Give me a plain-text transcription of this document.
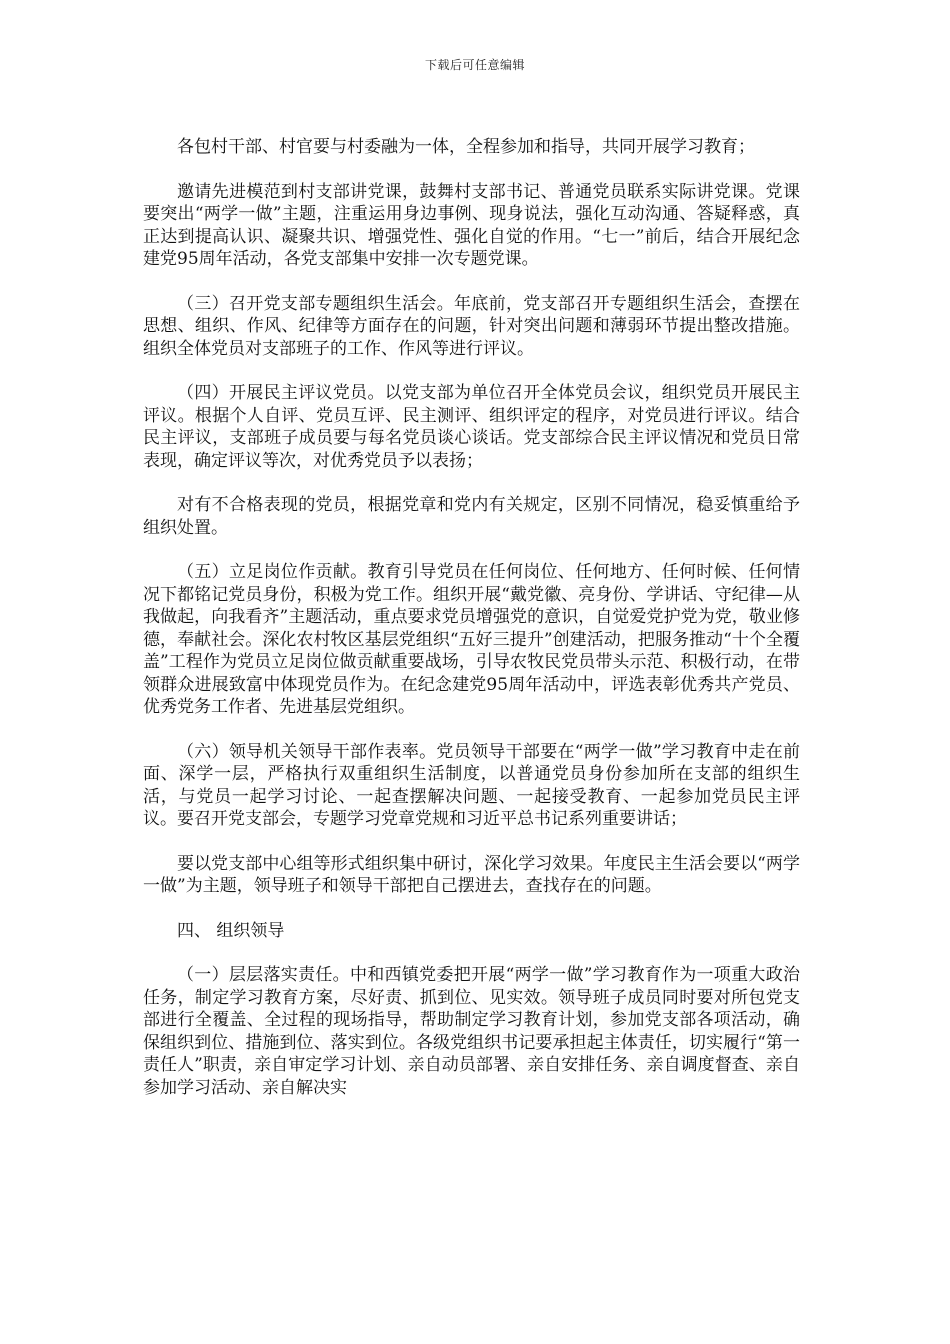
下载后可任意编辑

各包村干部、村官要与村委融为一体，全程参加和指导，共同开展学习教育；

邀请先进模范到村支部讲党课，鼓舞村支部书记、普通党员联系实际讲党课。党课要突出“两学一做”主题，注重运用身边事例、现身说法，强化互动沟通、答疑释惑，真正达到提高认识、凝聚共识、增强党性、强化自觉的作用。“七一”前后，结合开展纪念建党95周年活动，各党支部集中安排一次专题党课。

（三）召开党支部专题组织生活会。年底前，党支部召开专题组织生活会，查摆在思想、组织、作风、纪律等方面存在的问题，针对突出问题和薄弱环节提出整改措施。组织全体党员对支部班子的工作、作风等进行评议。

（四）开展民主评议党员。以党支部为单位召开全体党员会议，组织党员开展民主评议。根据个人自评、党员互评、民主测评、组织评定的程序，对党员进行评议。结合民主评议，支部班子成员要与每名党员谈心谈话。党支部综合民主评议情况和党员日常表现，确定评议等次，对优秀党员予以表扬；

对有不合格表现的党员，根据党章和党内有关规定，区别不同情况，稳妥慎重给予组织处置。

（五）立足岗位作贡献。教育引导党员在任何岗位、任何地方、任何时候、任何情况下都铭记党员身份，积极为党工作。组织开展“戴党徽、亮身份、学讲话、守纪律—从我做起，向我看齐”主题活动，重点要求党员增强党的意识，自觉爱党护党为党，敬业修德，奉献社会。深化农村牧区基层党组织“五好三提升”创建活动，把服务推动“十个全覆盖”工程作为党员立足岗位做贡献重要战场，引导农牧民党员带头示范、积极行动，在带领群众进展致富中体现党员作为。在纪念建党95周年活动中，评选表彰优秀共产党员、优秀党务工作者、先进基层党组织。

（六）领导机关领导干部作表率。党员领导干部要在“两学一做”学习教育中走在前面、深学一层，严格执行双重组织生活制度，以普通党员身份参加所在支部的组织生活，与党员一起学习讨论、一起查摆解决问题、一起接受教育、一起参加党员民主评议。要召开党支部会，专题学习党章党规和习近平总书记系列重要讲话；

要以党支部中心组等形式组织集中研讨，深化学习效果。年度民主生活会要以“两学一做”为主题，领导班子和领导干部把自己摆进去，查找存在的问题。

四、 组织领导

（一）层层落实责任。中和西镇党委把开展“两学一做”学习教育作为一项重大政治任务，制定学习教育方案，尽好责、抓到位、见实效。领导班子成员同时要对所包党支部进行全覆盖、全过程的现场指导，帮助制定学习教育计划，参加党支部各项活动，确保组织到位、措施到位、落实到位。各级党组织书记要承担起主体责任，切实履行“第一责任人”职责，亲自审定学习计划、亲自动员部署、亲自安排任务、亲自调度督查、亲自参加学习活动、亲自解决实
